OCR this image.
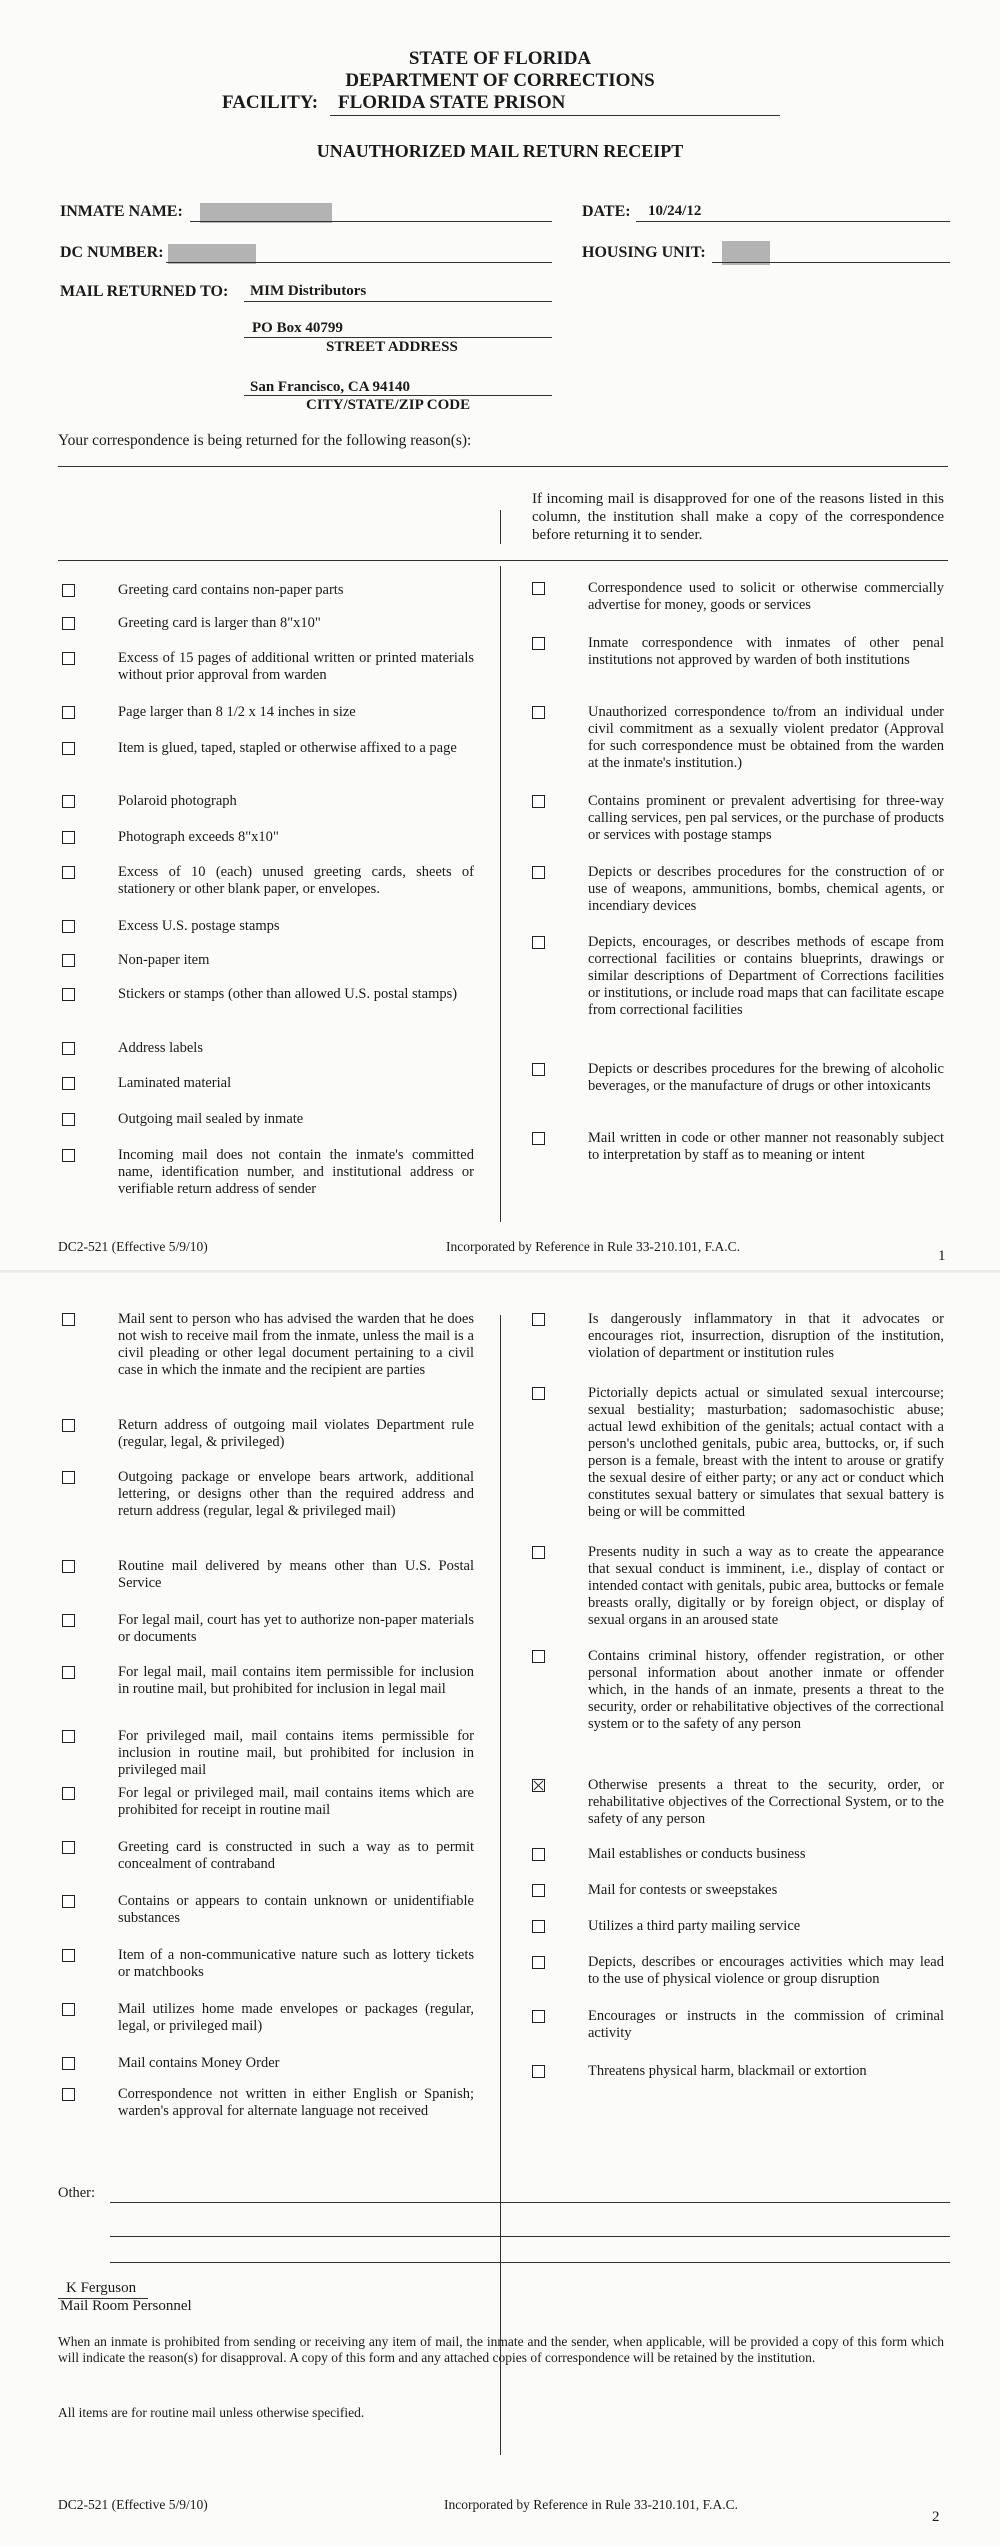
STATE OF FLORIDA
DEPARTMENT OF CORRECTIONS
FACILITY: FLORIDA STATE PRISON
UNAUTHORIZED MAIL RETURN RECEIPT
INMATE NAME:	DATE: 10/24/12
DC NUMBER:	HOUSING UNIT:
MAIL RETURNED TO: MIM Distributors
PO Box 40799
STREET ADDRESS
San Francisco, CA 94140
CITY/STATE/ZIP CODE
Your correspondence is being returned for the following reason(s):
If incoming mail is disapproved for one of the reasons listed in this column, the institution shall make a copy of the correspondence before returning it to sender.
Greeting card contains non-paper parts
Greeting card is larger than 8"x10"
Excess of 15 pages of additional written or printed materials without prior approval from warden
Page larger than 8 1/2 x 14 inches in size
Item is glued, taped, stapled or otherwise affixed to a page
Polaroid photograph
Photograph exceeds 8"x10"
Excess of 10 (each) unused greeting cards, sheets of stationery or other blank paper, or envelopes.
Excess U.S. postage stamps
Non-paper item
Stickers or stamps (other than allowed U.S. postal stamps)
Address labels
Laminated material
Outgoing mail sealed by inmate
Incoming mail does not contain the inmate's committed name, identification number, and institutional address or verifiable return address of sender
Correspondence used to solicit or otherwise commercially advertise for money, goods or services
Inmate correspondence with inmates of other penal institutions not approved by warden of both institutions
Unauthorized correspondence to/from an individual under civil commitment as a sexually violent predator (Approval for such correspondence must be obtained from the warden at the inmate's institution.)
Contains prominent or prevalent advertising for three-way calling services, pen pal services, or the purchase of products or services with postage stamps
Depicts or describes procedures for the construction of or use of weapons, ammunitions, bombs, chemical agents, or incendiary devices
Depicts, encourages, or describes methods of escape from correctional facilities or contains blueprints, drawings or similar descriptions of Department of Corrections facilities or institutions, or include road maps that can facilitate escape from correctional facilities
Depicts or describes procedures for the brewing of alcoholic beverages, or the manufacture of drugs or other intoxicants
Mail written in code or other manner not reasonably subject to interpretation by staff as to meaning or intent
DC2-521 (Effective 5/9/10)	Incorporated by Reference in Rule 33-210.101, F.A.C.
1
Mail sent to person who has advised the warden that he does not wish to receive mail from the inmate, unless the mail is a civil pleading or other legal document pertaining to a civil case in which the inmate and the recipient are parties
Return address of outgoing mail violates Department rule (regular, legal, & privileged)
Outgoing package or envelope bears artwork, additional lettering, or designs other than the required address and return address (regular, legal & privileged mail)
Routine mail delivered by means other than U.S. Postal Service
For legal mail, court has yet to authorize non-paper materials or documents
For legal mail, mail contains item permissible for inclusion in routine mail, but prohibited for inclusion in legal mail
For privileged mail, mail contains items permissible for inclusion in routine mail, but prohibited for inclusion in privileged mail
For legal or privileged mail, mail contains items which are prohibited for receipt in routine mail
Greeting card is constructed in such a way as to permit concealment of contraband
Contains or appears to contain unknown or unidentifiable substances
Item of a non-communicative nature such as lottery tickets or matchbooks
Mail utilizes home made envelopes or packages (regular, legal, or privileged mail)
Mail contains Money Order
Correspondence not written in either English or Spanish; warden's approval for alternate language not received
Is dangerously inflammatory in that it advocates or encourages riot, insurrection, disruption of the institution, violation of department or institution rules
Pictorially depicts actual or simulated sexual intercourse; sexual bestiality; masturbation; sadomasochistic abuse; actual lewd exhibition of the genitals; actual contact with a person's unclothed genitals, pubic area, buttocks, or, if such person is a female, breast with the intent to arouse or gratify the sexual desire of either party; or any act or conduct which constitutes sexual battery or simulates that sexual battery is being or will be committed
Presents nudity in such a way as to create the appearance that sexual conduct is imminent, i.e., display of contact or intended contact with genitals, pubic area, buttocks or female breasts orally, digitally or by foreign object, or display of sexual organs in an aroused state
Contains criminal history, offender registration, or other personal information about another inmate or offender which, in the hands of an inmate, presents a threat to the security, order or rehabilitative objectives of the correctional system or to the safety of any person
Otherwise presents a threat to the security, order, or rehabilitative objectives of the Correctional System, or to the safety of any person
Mail establishes or conducts business
Mail for contests or sweepstakes
Utilizes a third party mailing service
Depicts, describes or encourages activities which may lead to the use of physical violence or group disruption
Encourages or instructs in the commission of criminal activity
Threatens physical harm, blackmail or extortion
Other:
K Ferguson
Mail Room Personnel
When an inmate is prohibited from sending or receiving any item of mail, the inmate and the sender, when applicable, will be provided a copy of this form which will indicate the reason(s) for disapproval. A copy of this form and any attached copies of correspondence will be retained by the institution.
All items are for routine mail unless otherwise specified.
DC2-521 (Effective 5/9/10)	Incorporated by Reference in Rule 33-210.101, F.A.C.
2
